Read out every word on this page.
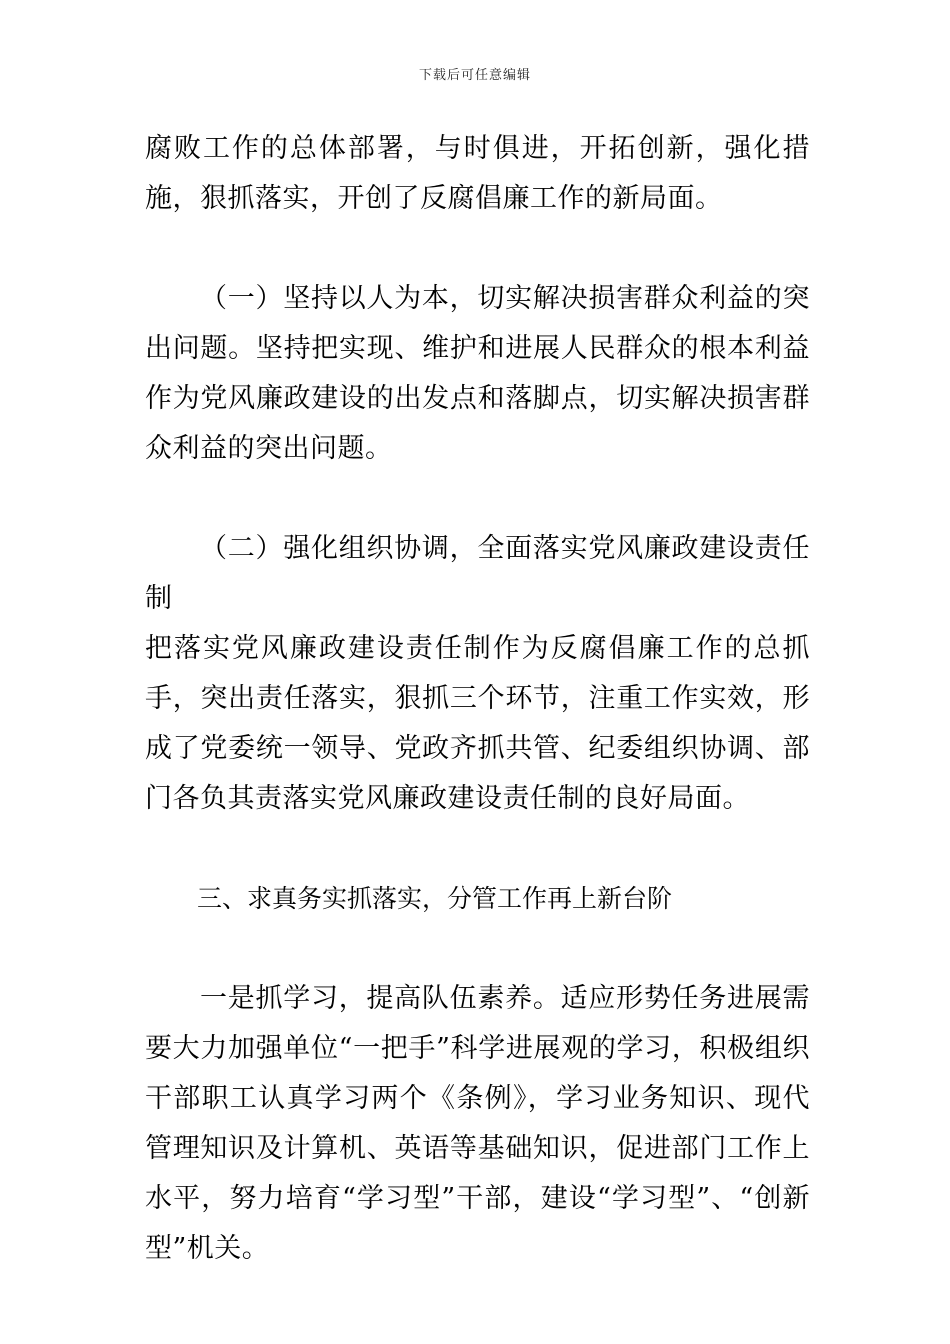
下载后可任意编辑

腐败工作的总体部署，与时俱进，开拓创新，强化措施，狠抓落实，开创了反腐倡廉工作的新局面。

（一）坚持以人为本，切实解决损害群众利益的突出问题。坚持把实现、维护和进展人民群众的根本利益作为党风廉政建设的出发点和落脚点，切实解决损害群众利益的突出问题。

（二）强化组织协调，全面落实党风廉政建设责任制

把落实党风廉政建设责任制作为反腐倡廉工作的总抓手，突出责任落实，狠抓三个环节，注重工作实效，形成了党委统一领导、党政齐抓共管、纪委组织协调、部门各负其责落实党风廉政建设责任制的良好局面。

三、求真务实抓落实，分管工作再上新台阶

一是抓学习，提高队伍素养。适应形势任务进展需要大力加强单位“一把手”科学进展观的学习，积极组织干部职工认真学习两个《条例》，学习业务知识、现代管理知识及计算机、英语等基础知识，促进部门工作上水平，努力培育“学习型”干部，建设“学习型”、“创新型”机关。
